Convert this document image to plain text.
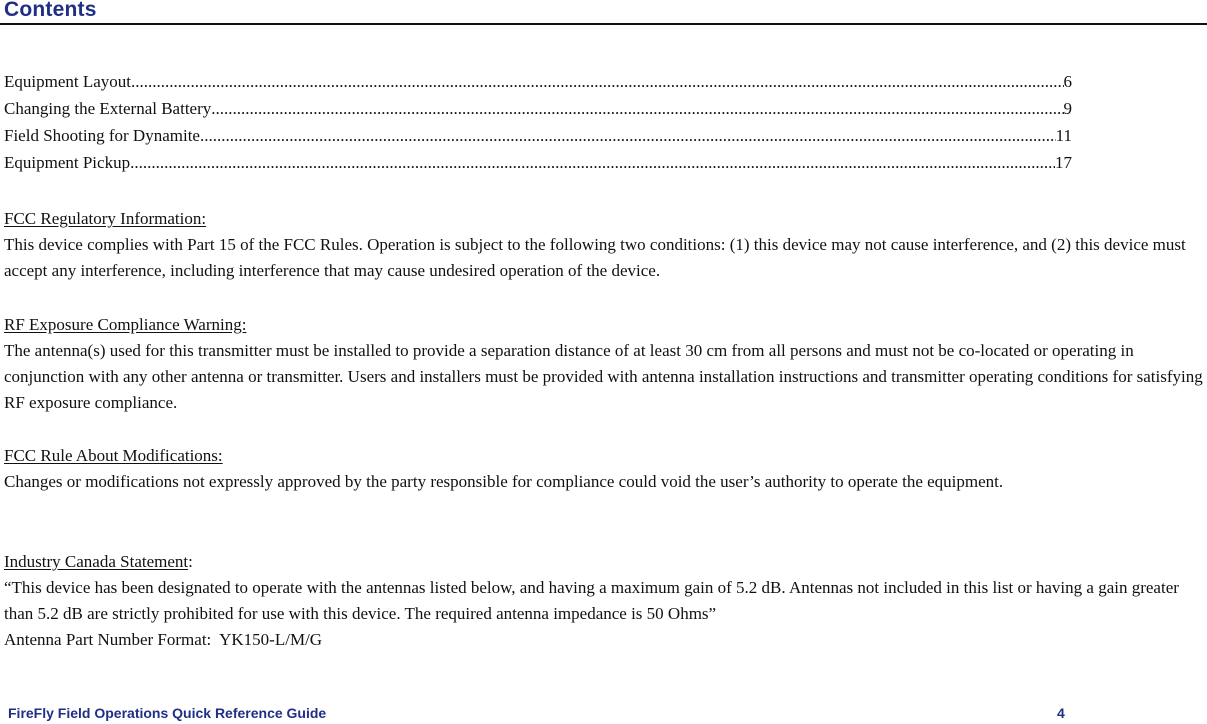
Contents
Equipment Layout .....	6
Changing the External Battery .....	9
Field Shooting for Dynamite .....	11
Equipment Pickup .....	17
FCC Regulatory Information:
This device complies with Part 15 of the FCC Rules. Operation is subject to the following two conditions: (1) this device may not cause interference, and (2) this device must accept any interference, including interference that may cause undesired operation of the device.
RF Exposure Compliance Warning:
The antenna(s) used for this transmitter must be installed to provide a separation distance of at least 30 cm from all persons and must not be co-located or operating in conjunction with any other antenna or transmitter. Users and installers must be provided with antenna installation instructions and transmitter operating conditions for satisfying RF exposure compliance.
FCC Rule About Modifications:
Changes or modifications not expressly approved by the party responsible for compliance could void the user’s authority to operate the equipment.
Industry Canada Statement:
“This device has been designated to operate with the antennas listed below, and having a maximum gain of 5.2 dB. Antennas not included in this list or having a gain greater than 5.2 dB are strictly prohibited for use with this device. The required antenna impedance is 50 Ohms”
Antenna Part Number Format:  YK150-L/M/G
FireFly Field Operations Quick Reference Guide	4
